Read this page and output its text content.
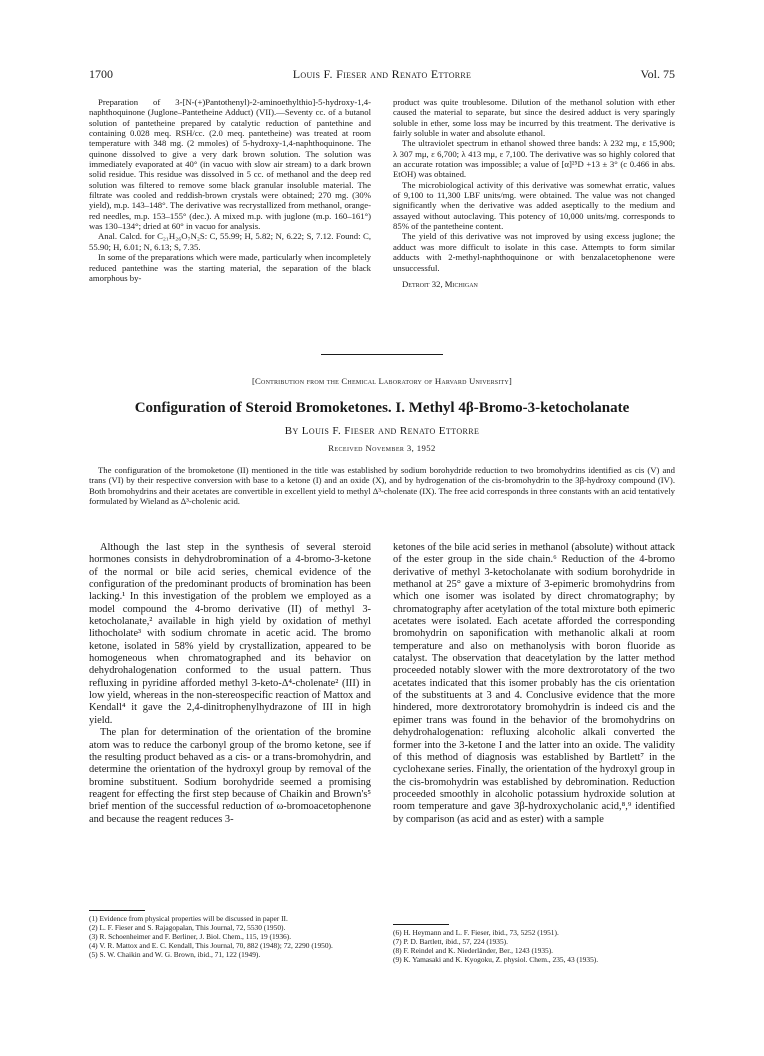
1700	Louis F. Fieser and Renato Ettorre	Vol. 75

Preparation of 3-[N-(+)Pantothenyl)-2-aminoethylthio]-5-hydroxy-1,4-naphthoquinone (Juglone–Pantetheine Adduct) (VII).—Seventy cc. of a butanol solution of pantetheine prepared by catalytic reduction of pantethine and containing 0.028 meq. RSH/cc. (2.0 meq. pantetheine) was treated at room temperature with 348 mg. (2 mmoles) of 5-hydroxy-1,4-naphthoquinone. The quinone dissolved to give a very dark brown solution. The solution was immediately evaporated at 40° (in vacuo with slow air stream) to a dark brown solid residue. This residue was dissolved in 5 cc. of methanol and the deep red solution was filtered to remove some black granular insoluble material. The filtrate was cooled and reddish-brown crystals were obtained; 270 mg. (30% yield), m.p. 143–148°. The derivative was recrystallized from methanol, orange-red needles, m.p. 153–155° (dec.). A mixed m.p. with juglone (m.p. 160–161°) was 130–134°; dried at 60° in vacuo for analysis.

Anal. Calcd. for C₂₁H₂₆O₇N₂S: C, 55.99; H, 5.82; N, 6.22; S, 7.12. Found: C, 55.90; H, 6.01; N, 6.13; S, 7.35.

In some of the preparations which were made, particularly when incompletely reduced pantethine was the starting material, the separation of the black amorphous by-

product was quite troublesome. Dilution of the methanol solution with ether caused the material to separate, but since the desired adduct is very sparingly soluble in ether, some loss may be incurred by this treatment. The derivative is fairly soluble in water and absolute ethanol.

The ultraviolet spectrum in ethanol showed three bands: λ 232 mμ, ε 15,900; λ 307 mμ, ε 6,700; λ 413 mμ, ε 7,100. The derivative was so highly colored that an accurate rotation was impossible; a value of [α]²⁵D +13 ± 3° (c 0.466 in abs. EtOH) was obtained.

The microbiological activity of this derivative was somewhat erratic, values of 9,100 to 11,300 LBF units/mg. were obtained. The value was not changed significantly when the derivative was added aseptically to the medium and assayed without autoclaving. This potency of 10,000 units/mg. corresponds to 85% of the pantetheine content.

The yield of this derivative was not improved by using excess juglone; the adduct was more difficult to isolate in this case. Attempts to form similar adducts with 2-methyl-naphthoquinone or with benzalacetophenone were unsuccessful.

Detroit 32, Michigan

[Contribution from the Chemical Laboratory of Harvard University]
Configuration of Steroid Bromoketones. I. Methyl 4β-Bromo-3-ketocholanate
By Louis F. Fieser and Renato Ettorre
Received November 3, 1952
The configuration of the bromoketone (II) mentioned in the title was established by sodium borohydride reduction to two bromohydrins identified as cis (V) and trans (VI) by their respective conversion with base to a ketone (I) and an oxide (X), and by hydrogenation of the cis-bromohydrin to the 3β-hydroxy compound (IV). Both bromohydrins and their acetates are convertible in excellent yield to methyl Δ³-cholenate (IX). The free acid corresponds in three constants with an acid tentatively formulated by Wieland as Δ³-cholenic acid.

Although the last step in the synthesis of several steroid hormones consists in dehydrobromination of a 4-bromo-3-ketone of the normal or bile acid series, chemical evidence of the configuration of the predominant products of bromination has been lacking.¹ In this investigation of the problem we employed as a model compound the 4-bromo derivative (II) of methyl 3-ketocholanate,² available in high yield by oxidation of methyl lithocholate³ with sodium chromate in acetic acid. The bromo ketone, isolated in 58% yield by crystallization, appeared to be homogeneous when chromatographed and its behavior on dehydrohalogenation conformed to the usual pattern. Thus refluxing in pyridine afforded methyl 3-keto-Δ⁴-cholenate² (III) in low yield, whereas in the non-stereospecific reaction of Mattox and Kendall⁴ it gave the 2,4-dinitrophenylhydrazone of III in high yield.

The plan for determination of the orientation of the bromine atom was to reduce the carbonyl group of the bromo ketone, see if the resulting product behaved as a cis- or a trans-bromohydrin, and determine the orientation of the hydroxyl group by removal of the bromine substituent. Sodium borohydride seemed a promising reagent for effecting the first step because of Chaikin and Brown's⁵ brief mention of the successful reduction of ω-bromoacetophenone and because the reagent reduces 3-

ketones of the bile acid series in methanol (absolute) without attack of the ester group in the side chain.⁶ Reduction of the 4-bromo derivative of methyl 3-ketocholanate with sodium borohydride in methanol at 25° gave a mixture of 3-epimeric bromohydrins from which one isomer was isolated by direct chromatography; by chromatography after acetylation of the total mixture both epimeric acetates were isolated. Each acetate afforded the corresponding bromohydrin on saponification with methanolic alkali at room temperature and also on methanolysis with boron fluoride as catalyst. The observation that deacetylation by the latter method proceeded notably slower with the more dextrorotatory of the two acetates indicated that this isomer probably has the cis orientation of the substituents at 3 and 4. Conclusive evidence that the more hindered, more dextrorotatory bromohydrin is indeed cis and the epimer trans was found in the behavior of the bromohydrins on dehydrohalogenation: refluxing alcoholic alkali converted the former into the 3-ketone I and the latter into an oxide. The validity of this method of diagnosis was established by Bartlett⁷ in the cyclohexane series. Finally, the orientation of the hydroxyl group in the cis-bromohydrin was established by debromination. Reduction proceeded smoothly in alcoholic potassium hydroxide solution at room temperature and gave 3β-hydroxycholanic acid,⁸,⁹ identified by comparison (as acid and as ester) with a sample

(1) Evidence from physical properties will be discussed in paper II.
(2) L. F. Fieser and S. Rajagopalan, This Journal, 72, 5530 (1950).
(3) R. Schoenheimer and F. Berliner, J. Biol. Chem., 115, 19 (1936).
(4) V. R. Mattox and E. C. Kendall, This Journal, 70, 882 (1948); 72, 2290 (1950).
(5) S. W. Chaikin and W. G. Brown, ibid., 71, 122 (1949).
(6) H. Heymann and L. F. Fieser, ibid., 73, 5252 (1951).
(7) P. D. Bartlett, ibid., 57, 224 (1935).
(8) F. Reindel and K. Niederländer, Ber., 1243 (1935).
(9) K. Yamasaki and K. Kyogoku, Z. physiol. Chem., 235, 43 (1935).
